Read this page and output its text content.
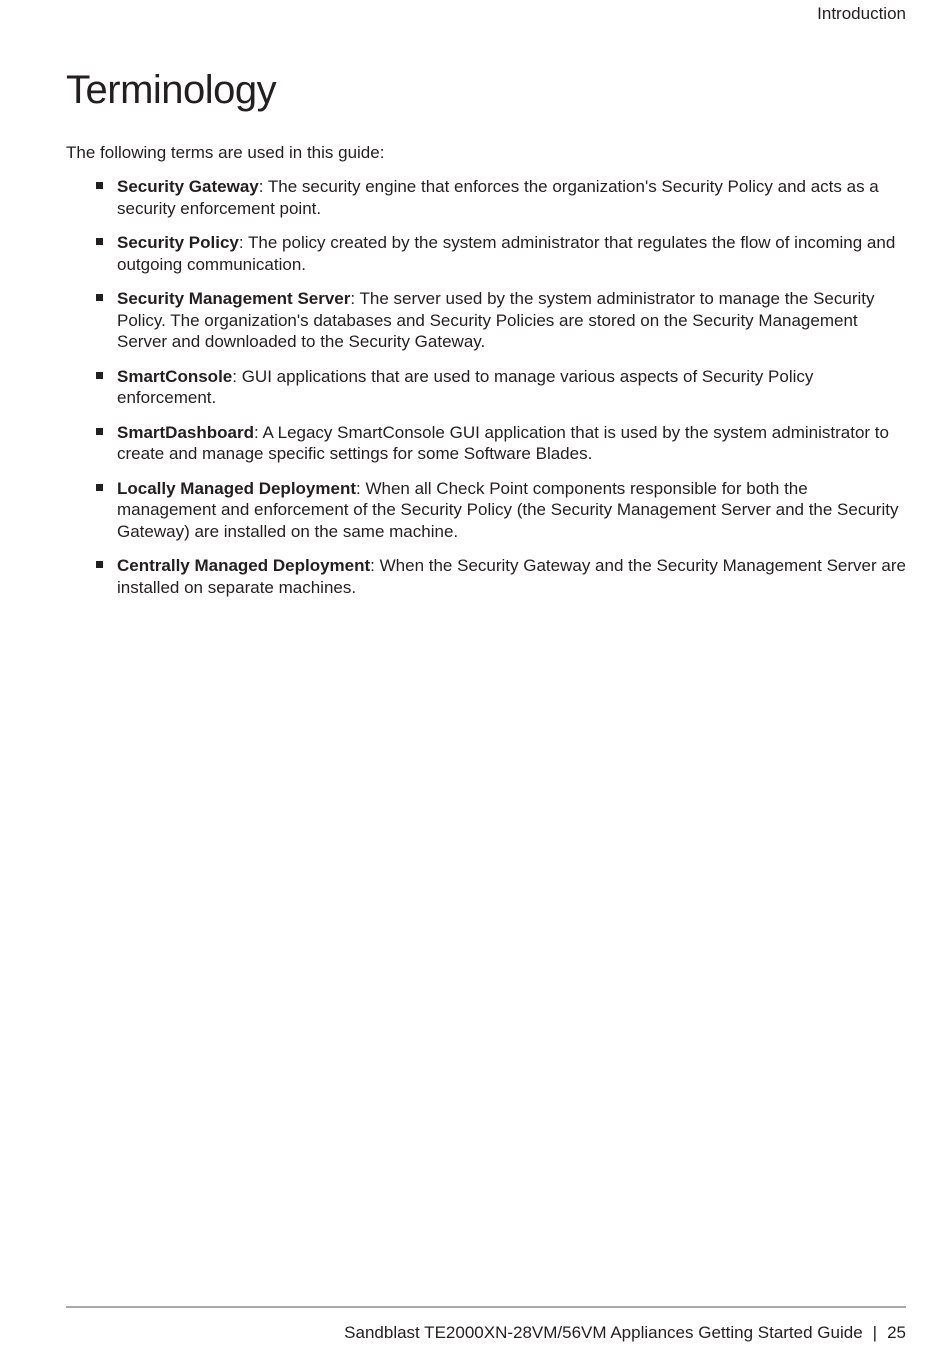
Introduction
Terminology
The following terms are used in this guide:
Security Gateway: The security engine that enforces the organization's Security Policy and acts as a security enforcement point.
Security Policy: The policy created by the system administrator that regulates the flow of incoming and outgoing communication.
Security Management Server: The server used by the system administrator to manage the Security Policy. The organization's databases and Security Policies are stored on the Security Management Server and downloaded to the Security Gateway.
SmartConsole: GUI applications that are used to manage various aspects of Security Policy enforcement.
SmartDashboard: A Legacy SmartConsole GUI application that is used by the system administrator to create and manage specific settings for some Software Blades.
Locally Managed Deployment: When all Check Point components responsible for both the management and enforcement of the Security Policy (the Security Management Server and the Security Gateway) are installed on the same machine.
Centrally Managed Deployment: When the Security Gateway and the Security Management Server are installed on separate machines.
Sandblast TE2000XN-28VM/56VM Appliances Getting Started Guide | 25
